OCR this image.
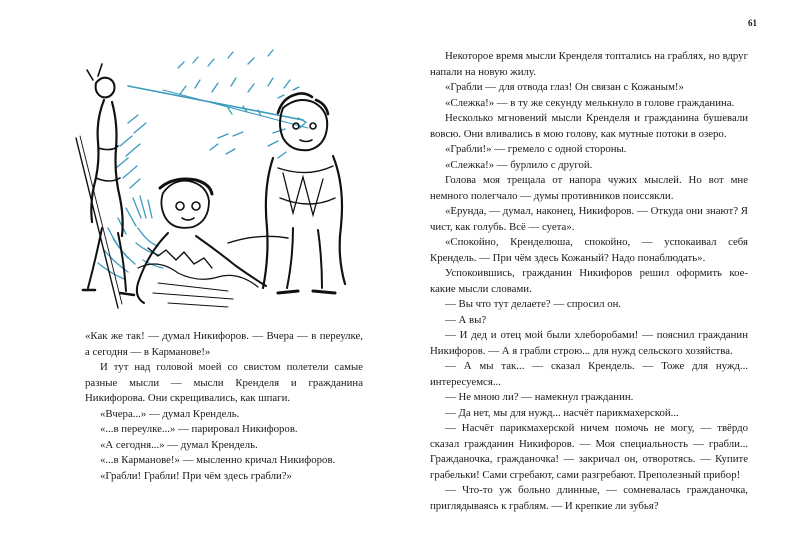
61

«Как же так! — думал Никифоров. — Вчера — в переулке, а сегодня — в Карманове!»

И тут над головой моей со свистом полетели самые разные мысли — мысли Кренделя и гражданина Никифорова. Они скрещивались, как шпаги.

«Вчера...» — думал Крендель.

«...в переулке...» — парировал Никифоров.

«А сегодня...» — думал Крендель.

«...в Карманове!» — мысленно кричал Никифоров.

«Грабли! Грабли! При чём здесь грабли?»

Некоторое время мысли Кренделя топтались на граблях, но вдруг напали на новую жилу.

«Грабли — для отвода глаз! Он связан с Кожаным!»

«Слежка!» — в ту же секунду мелькнуло в голове гражданина.

Несколько мгновений мысли Кренделя и гражданина бушевали вовсю. Они вливались в мою голову, как мутные потоки в озеро.

«Грабли!» — гремело с одной стороны.

«Слежка!» — бурлило с другой.

Голова моя трещала от напора чужих мыслей. Но вот мне немного полегчало — думы противников поиссякли.

«Ерунда, — думал, наконец, Никифоров. — Откуда они знают? Я чист, как голубь. Всё — суета».

«Спокойно, Кренделюша, спокойно, — успокаивал себя Крендель. — При чём здесь Кожаный? Надо понаблюдать».

Успокоившись, гражданин Никифоров решил оформить кое-какие мысли словами.

— Вы что тут делаете? — спросил он.

— А вы?

— И дед и отец мой были хлеборобами! — пояснил гражданин Никифоров. — А я грабли строю... для нужд сельского хозяйства.

— А мы так... — сказал Крендель. — Тоже для нужд... интересуемся...

— Не мною ли? — намекнул гражданин.

— Да нет, мы для нужд... насчёт парикмахерской...

— Насчёт парикмахерской ничем помочь не могу, — твёрдо сказал гражданин Никифоров. — Моя специальность — грабли... Гражданочка, гражданочка! — закричал он, отворотясь. — Купите грабельки! Сами сгребают, сами разгребают. Преполезный прибор!

— Что-то уж больно длинные, — сомневалась гражданочка, приглядываясь к граблям. — И крепкие ли зубья?
